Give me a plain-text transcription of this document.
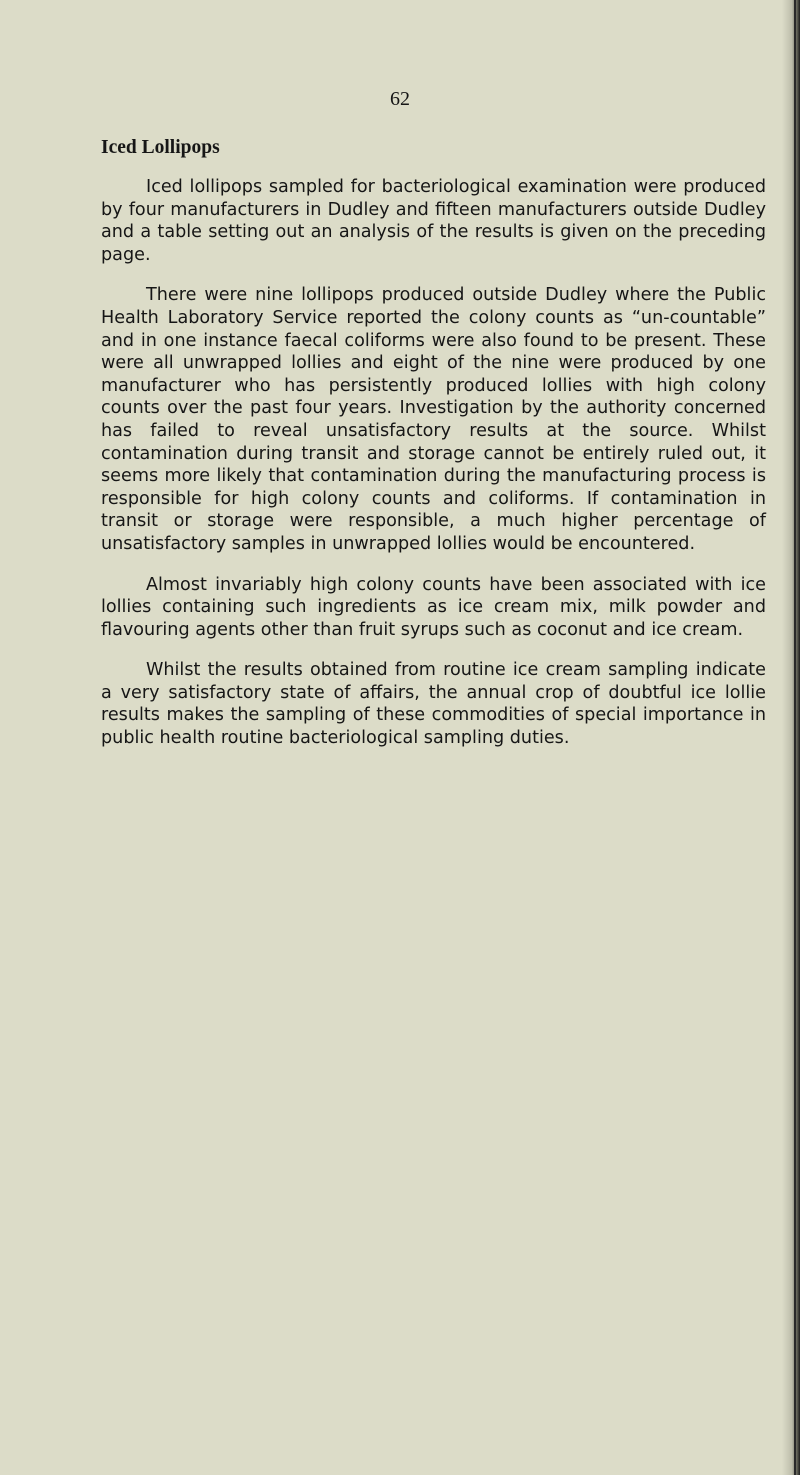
62
Iced Lollipops

Iced lollipops sampled for bacteriological examination were produced by four manufacturers in Dudley and fifteen manufacturers outside Dudley and a table setting out an analysis of the results is given on the preceding page.

There were nine lollipops produced outside Dudley where the Public Health Laboratory Service reported the colony counts as “un-countable” and in one instance faecal coliforms were also found to be present. These were all unwrapped lollies and eight of the nine were produced by one manufacturer who has persistently produced lollies with high colony counts over the past four years. Investigation by the authority concerned has failed to reveal unsatisfactory results at the source. Whilst contamination during transit and storage cannot be entirely ruled out, it seems more likely that contamination during the manufacturing process is responsible for high colony counts and coliforms. If contamination in transit or storage were responsible, a much higher percentage of unsatisfactory samples in unwrapped lollies would be encountered.

Almost invariably high colony counts have been associated with ice lollies containing such ingredients as ice cream mix, milk powder and flavouring agents other than fruit syrups such as coconut and ice cream.

Whilst the results obtained from routine ice cream sampling indicate a very satisfactory state of affairs, the annual crop of doubtful ice lollie results makes the sampling of these commodities of special importance in public health routine bacteriological sampling duties.
